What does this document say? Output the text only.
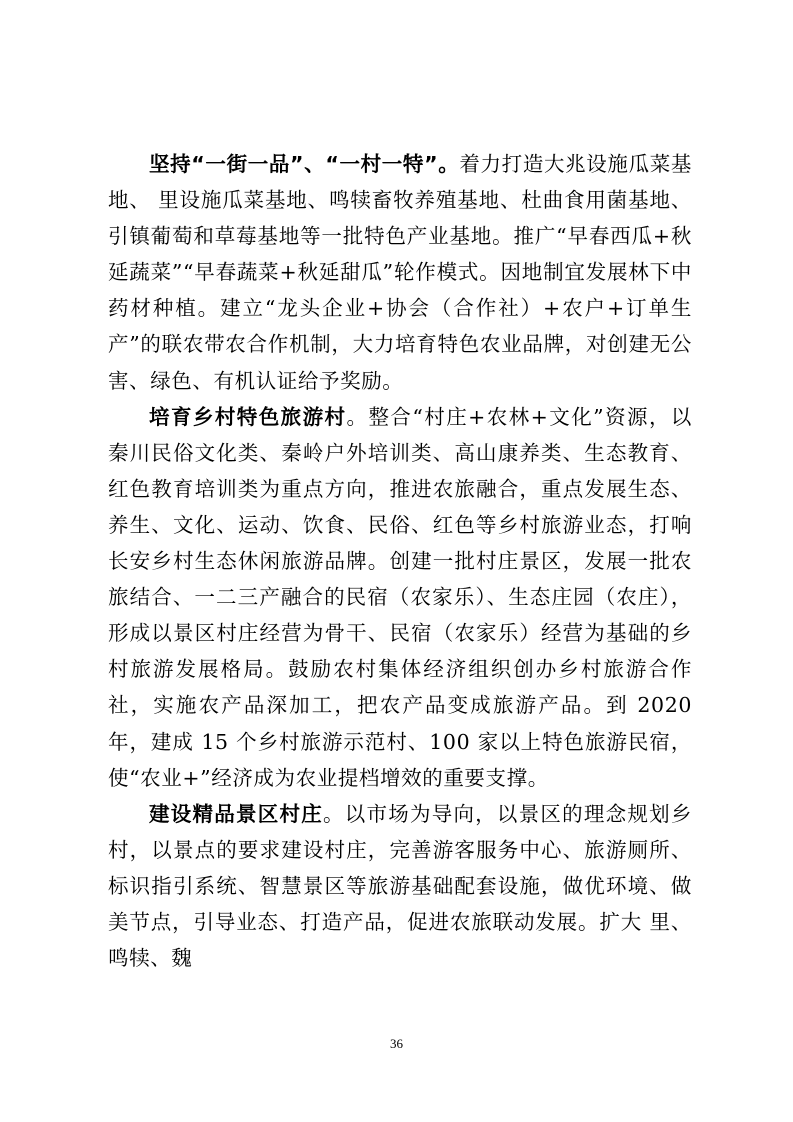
坚持“一街一品”、“一村一特”。着力打造大兆设施瓜菜基地、 里设施瓜菜基地、鸣犊畜牧养殖基地、杜曲食用菌基地、引镇葡萄和草莓基地等一批特色产业基地。推广“早春西瓜+秋延蔬菜”“早春蔬菜+秋延甜瓜”轮作模式。因地制宜发展林下中药材种植。建立“龙头企业+协会（合作社）+农户+订单生产”的联农带农合作机制，大力培育特色农业品牌，对创建无公害、绿色、有机认证给予奖励。

培育乡村特色旅游村。整合“村庄+农林+文化”资源，以秦川民俗文化类、秦岭户外培训类、高山康养类、生态教育、红色教育培训类为重点方向，推进农旅融合，重点发展生态、养生、文化、运动、饮食、民俗、红色等乡村旅游业态，打响长安乡村生态休闲旅游品牌。创建一批村庄景区，发展一批农旅结合、一二三产融合的民宿（农家乐）、生态庄园（农庄），形成以景区村庄经营为骨干、民宿（农家乐）经营为基础的乡村旅游发展格局。鼓励农村集体经济组织创办乡村旅游合作社，实施农产品深加工，把农产品变成旅游产品。到 2020 年，建成 15 个乡村旅游示范村、100 家以上特色旅游民宿，使“农业+”经济成为农业提档增效的重要支撑。

建设精品景区村庄。以市场为导向，以景区的理念规划乡村，以景点的要求建设村庄，完善游客服务中心、旅游厕所、标识指引系统、智慧景区等旅游基础配套设施，做优环境、做美节点，引导业态、打造产品，促进农旅联动发展。扩大 里、鸣犊、魏

36
